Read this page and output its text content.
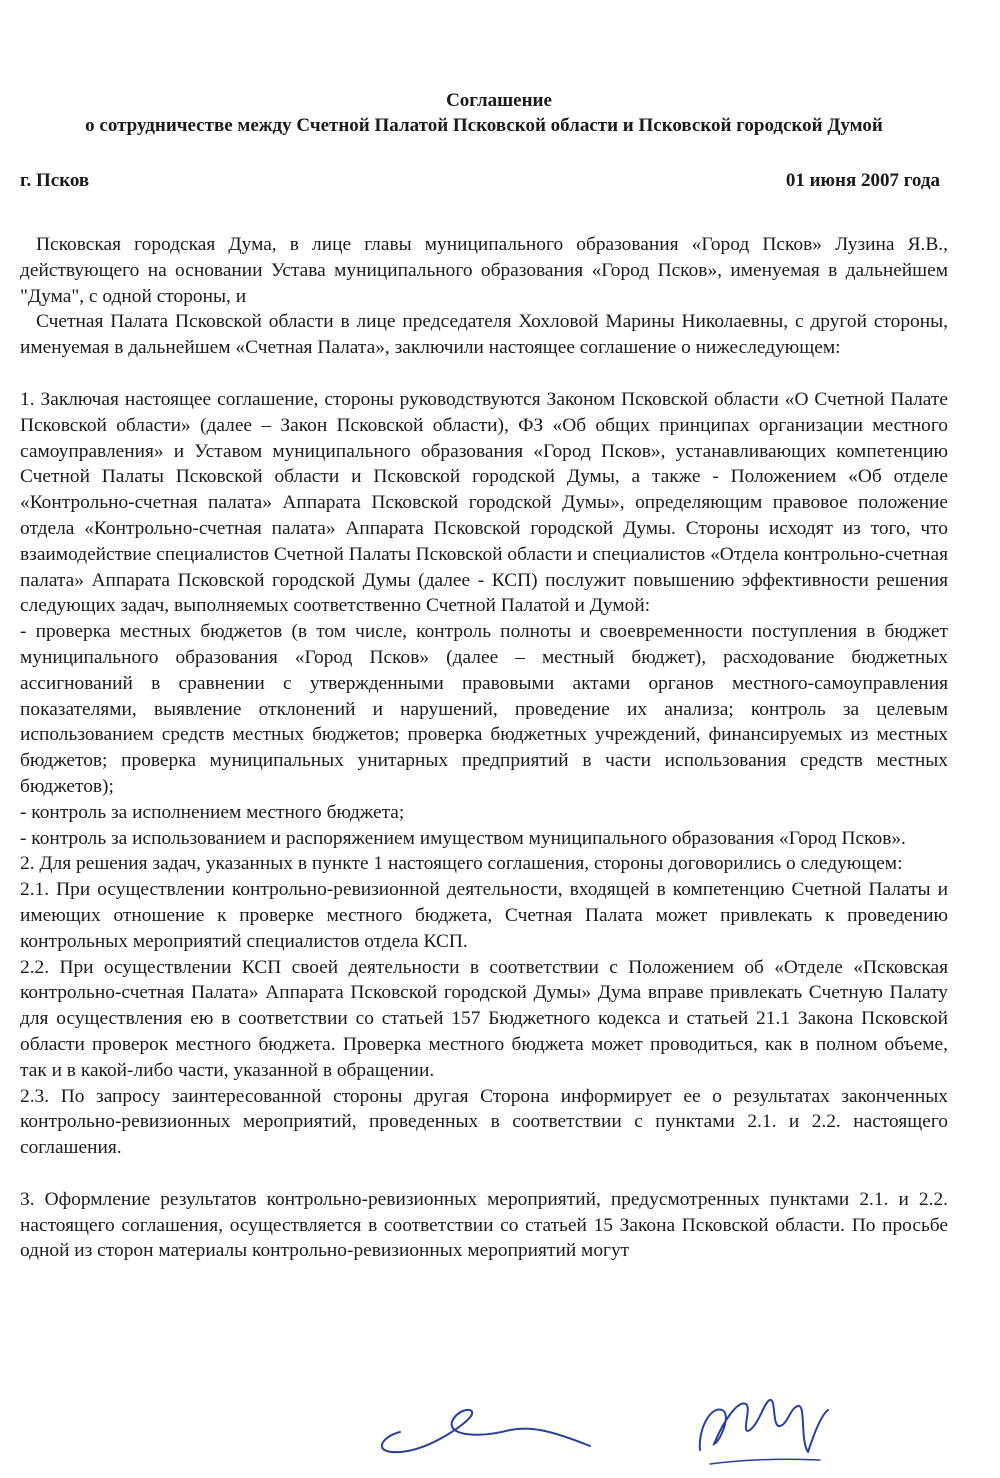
Соглашение

о сотрудничестве между Счетной Палатой Псковской области и Псковской городской Думой

г. Псков	01 июня 2007 года

Псковская городская Дума, в лице главы муниципального образования «Город Псков» Лузина Я.В., действующего на основании Устава муниципального образования «Город Псков», именуемая в дальнейшем "Дума", с одной стороны, и

Счетная Палата Псковской области в лице председателя Хохловой Марины Николаевны, с другой стороны, именуемая в дальнейшем «Счетная Палата», заключили настоящее соглашение о нижеследующем:

1. Заключая настоящее соглашение, стороны руководствуются Законом Псковской области «О Счетной Палате Псковской области» (далее – Закон Псковской области), ФЗ «Об общих принципах организации местного самоуправления» и Уставом муниципального образования «Город Псков», устанавливающих компетенцию Счетной Палаты Псковской области и Псковской городской Думы, а также - Положением «Об отделе «Контрольно-счетная палата» Аппарата Псковской городской Думы», определяющим правовое положение отдела «Контрольно-счетная палата» Аппарата Псковской городской Думы. Стороны исходят из того, что взаимодействие специалистов Счетной Палаты Псковской области и специалистов «Отдела контрольно-счетная палата» Аппарата Псковской городской Думы (далее - КСП) послужит повышению эффективности решения следующих задач, выполняемых соответственно Счетной Палатой и Думой:

- проверка местных бюджетов (в том числе, контроль полноты и своевременности поступления в бюджет муниципального образования «Город Псков» (далее – местный бюджет), расходование бюджетных ассигнований в сравнении с утвержденными правовыми актами органов местного-самоуправления показателями, выявление отклонений и нарушений, проведение их анализа; контроль за целевым использованием средств местных бюджетов; проверка бюджетных учреждений, финансируемых из местных бюджетов; проверка муниципальных унитарных предприятий в части использования средств местных бюджетов);

- контроль за исполнением местного бюджета;

- контроль за использованием и распоряжением имуществом муниципального образования «Город Псков».

2. Для решения задач, указанных в пункте 1 настоящего соглашения, стороны договорились о следующем:

2.1. При осуществлении контрольно-ревизионной деятельности, входящей в компетенцию Счетной Палаты и имеющих отношение к проверке местного бюджета, Счетная Палата может привлекать к проведению контрольных мероприятий специалистов отдела КСП.

2.2. При осуществлении КСП своей деятельности в соответствии с Положением об «Отделе «Псковская контрольно-счетная Палата» Аппарата Псковской городской Думы» Дума вправе привлекать Счетную Палату для осуществления ею в соответствии со статьей 157 Бюджетного кодекса и статьей 21.1 Закона Псковской области проверок местного бюджета. Проверка местного бюджета может проводиться, как в полном объеме, так и в какой-либо части, указанной в обращении.

2.3. По запросу заинтересованной стороны другая Сторона информирует ее о результатах законченных контрольно-ревизионных мероприятий, проведенных в соответствии с пунктами 2.1. и 2.2. настоящего соглашения.

3. Оформление результатов контрольно-ревизионных мероприятий, предусмотренных пунктами 2.1. и 2.2. настоящего соглашения, осуществляется в соответствии со статьей 15 Закона Псковской области. По просьбе одной из сторон материалы контрольно-ревизионных мероприятий могут
